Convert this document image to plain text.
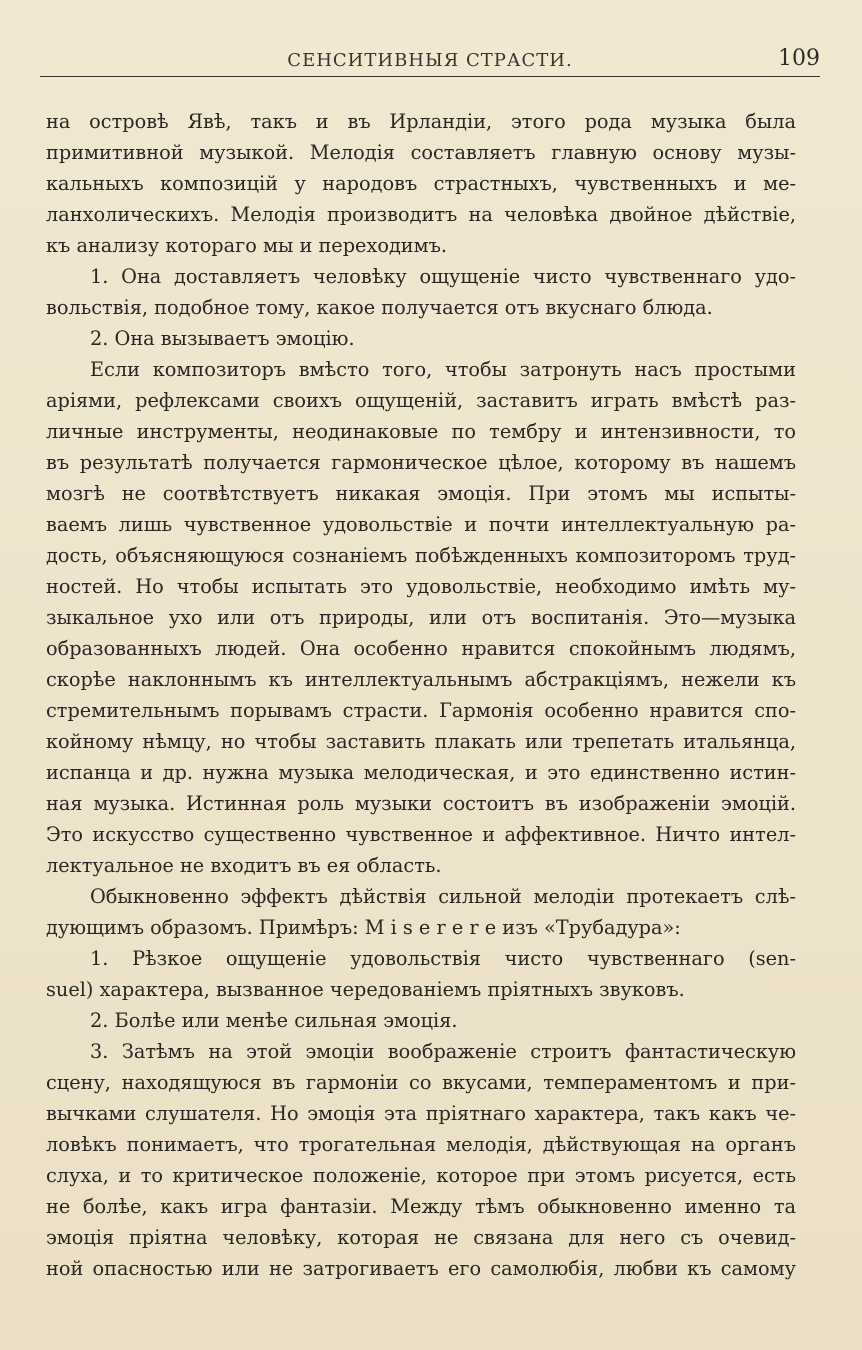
СЕНСИТИВНЫЯ СТРАСТИ.	109
на островѣ Явѣ, такъ и въ Ирландіи, этого рода музыка была
примитивной музыкой. Мелодія составляетъ главную основу музы-
кальныхъ композицій у народовъ страстныхъ, чувственныхъ и ме-
ланхолическихъ. Мелодія производитъ на человѣка двойное дѣйствіе,
къ анализу котораго мы и переходимъ.
1. Она доставляетъ человѣку ощущеніе чисто чувственнаго удо-
вольствія, подобное тому, какое получается отъ вкуснаго блюда.
2. Она вызываетъ эмоцію.
Если композиторъ вмѣсто того, чтобы затронуть насъ простыми
аріями, рефлексами своихъ ощущеній, заставитъ играть вмѣстѣ раз-
личные инструменты, неодинаковые по тембру и интензивности, то
въ результатѣ получается гармоническое цѣлое, которому въ нашемъ
мозгѣ не соотвѣтствуетъ никакая эмоція. При этомъ мы испыты-
ваемъ лишь чувственное удовольствіе и почти интеллектуальную ра-
дость, объясняющуюся сознаніемъ побѣжденныхъ композиторомъ труд-
ностей. Но чтобы испытать это удовольствіе, необходимо имѣть му-
зыкальное ухо или отъ природы, или отъ воспитанія. Это—музыка
образованныхъ людей. Она особенно нравится спокойнымъ людямъ,
скорѣе наклоннымъ къ интеллектуальнымъ абстракціямъ, нежели къ
стремительнымъ порывамъ страсти. Гармонія особенно нравится спо-
койному нѣмцу, но чтобы заставить плакать или трепетать итальянца,
испанца и др. нужна музыка мелодическая, и это единственно истин-
ная музыка. Истинная роль музыки состоитъ въ изображеніи эмоцій.
Это искусство существенно чувственное и аффективное. Ничто интел-
лектуальное не входитъ въ ея область.
Обыкновенно эффектъ дѣйствія сильной мелодіи протекаетъ слѣ-
дующимъ образомъ. Примѣръ: M i s e r e r e изъ «Трубадура»:
1. Рѣзкое ощущеніе удовольствія чисто чувственнаго (sen-
suel) характера, вызванное чередованіемъ пріятныхъ звуковъ.
2. Болѣе или менѣе сильная эмоція.
3. Затѣмъ на этой эмоціи воображеніе строитъ фантастическую
сцену, находящуюся въ гармоніи со вкусами, темпераментомъ и при-
вычками слушателя. Но эмоція эта пріятнаго характера, такъ какъ че-
ловѣкъ понимаетъ, что трогательная мелодія, дѣйствующая на органъ
слуха, и то критическое положеніе, которое при этомъ рисуется, есть
не болѣе, какъ игра фантазіи. Между тѣмъ обыкновенно именно та
эмоція пріятна человѣку, которая не связана для него съ очевид-
ной опасностью или не затрогиваетъ его самолюбія, любви къ самому
